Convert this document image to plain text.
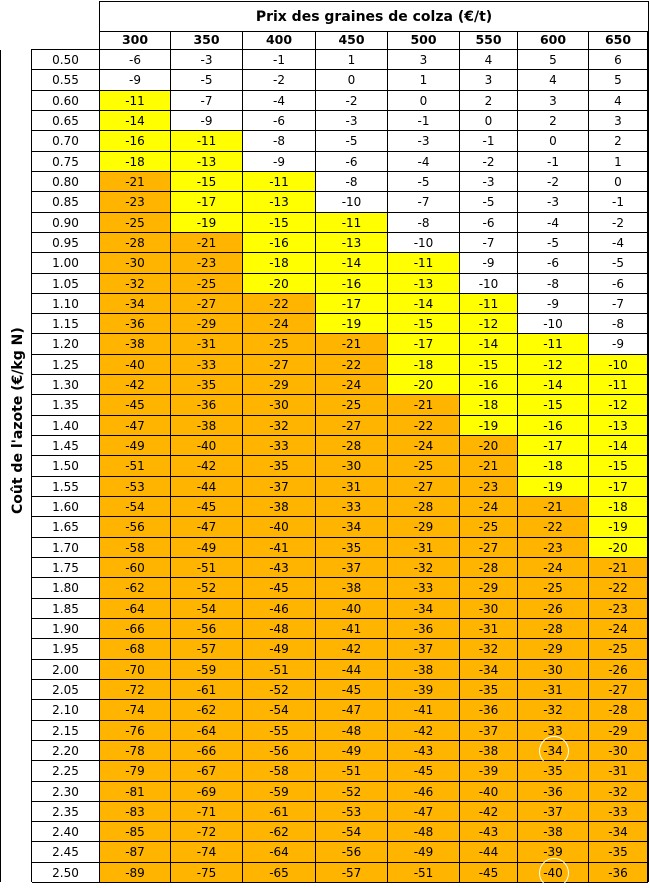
Prix des graines de colza (€/t)
Coût de l'azote (€/kg N)
300	350	400	450	500	550	600	650
0.50	-6	-3	-1	1	3	4	5	6
0.55	-9	-5	-2	0	1	3	4	5
0.60	-11	-7	-4	-2	0	2	3	4
0.65	-14	-9	-6	-3	-1	0	2	3
0.70	-16	-11	-8	-5	-3	-1	0	2
0.75	-18	-13	-9	-6	-4	-2	-1	1
0.80	-21	-15	-11	-8	-5	-3	-2	0
0.85	-23	-17	-13	-10	-7	-5	-3	-1
0.90	-25	-19	-15	-11	-8	-6	-4	-2
0.95	-28	-21	-16	-13	-10	-7	-5	-4
1.00	-30	-23	-18	-14	-11	-9	-6	-5
1.05	-32	-25	-20	-16	-13	-10	-8	-6
1.10	-34	-27	-22	-17	-14	-11	-9	-7
1.15	-36	-29	-24	-19	-15	-12	-10	-8
1.20	-38	-31	-25	-21	-17	-14	-11	-9
1.25	-40	-33	-27	-22	-18	-15	-12	-10
1.30	-42	-35	-29	-24	-20	-16	-14	-11
1.35	-45	-36	-30	-25	-21	-18	-15	-12
1.40	-47	-38	-32	-27	-22	-19	-16	-13
1.45	-49	-40	-33	-28	-24	-20	-17	-14
1.50	-51	-42	-35	-30	-25	-21	-18	-15
1.55	-53	-44	-37	-31	-27	-23	-19	-17
1.60	-54	-45	-38	-33	-28	-24	-21	-18
1.65	-56	-47	-40	-34	-29	-25	-22	-19
1.70	-58	-49	-41	-35	-31	-27	-23	-20
1.75	-60	-51	-43	-37	-32	-28	-24	-21
1.80	-62	-52	-45	-38	-33	-29	-25	-22
1.85	-64	-54	-46	-40	-34	-30	-26	-23
1.90	-66	-56	-48	-41	-36	-31	-28	-24
1.95	-68	-57	-49	-42	-37	-32	-29	-25
2.00	-70	-59	-51	-44	-38	-34	-30	-26
2.05	-72	-61	-52	-45	-39	-35	-31	-27
2.10	-74	-62	-54	-47	-41	-36	-32	-28
2.15	-76	-64	-55	-48	-42	-37	-33	-29
2.20	-78	-66	-56	-49	-43	-38	-34	-30
2.25	-79	-67	-58	-51	-45	-39	-35	-31
2.30	-81	-69	-59	-52	-46	-40	-36	-32
2.35	-83	-71	-61	-53	-47	-42	-37	-33
2.40	-85	-72	-62	-54	-48	-43	-38	-34
2.45	-87	-74	-64	-56	-49	-44	-39	-35
2.50	-89	-75	-65	-57	-51	-45	-40	-36
